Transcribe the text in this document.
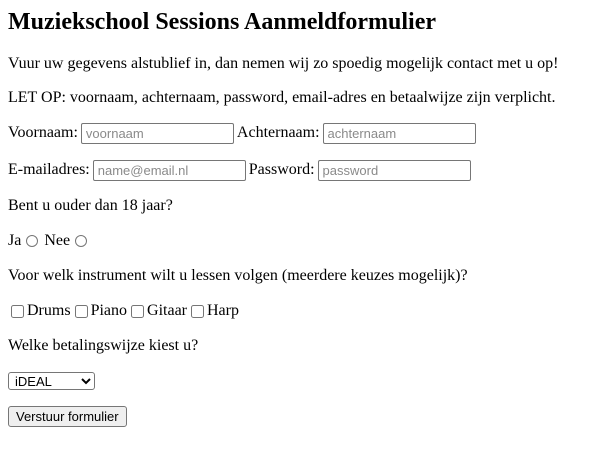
Muziekschool Sessions Aanmeldformulier
Vuur uw gegevens alstublief in, dan nemen wij zo spoedig mogelijk contact met u op!
LET OP: voornaam, achternaam, password, email-adres en betaalwijze zijn verplicht.
Voornaam:
voornaam	Achternaam:
achternaam
E-mailadres:
name@email.nl	Password:
Bent u ouder dan 18 jaar?
Ja Nee
Voor welk instrument wilt u lessen volgen (meerdere keuzes mogelijk)?
Drums Piano Gitaar Harp
Welke betalingswijze kiest u?
iDEAL
Verstuur formulier
